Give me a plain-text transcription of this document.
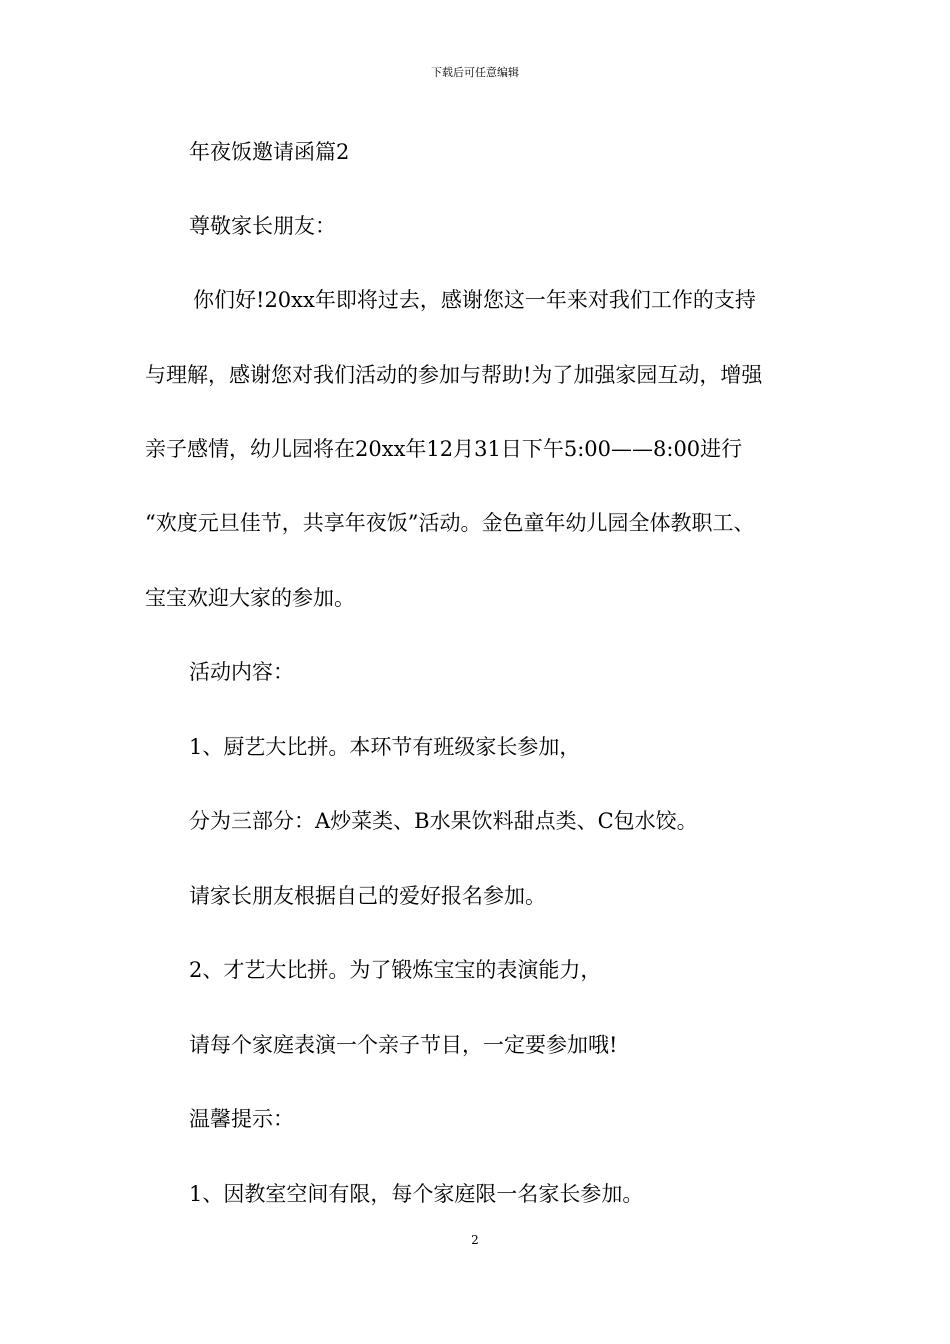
下载后可任意编辑
年夜饭邀请函篇2
尊敬家长朋友：
你们好!20xx年即将过去，感谢您这一年来对我们工作的支持
与理解，感谢您对我们活动的参加与帮助!为了加强家园互动，增强
亲子感情，幼儿园将在20xx年12月31日下午5:00——8:00进行
“欢度元旦佳节，共享年夜饭”活动。金色童年幼儿园全体教职工、
宝宝欢迎大家的参加。
活动内容：
1、厨艺大比拼。本环节有班级家长参加，
分为三部分：A炒菜类、B水果饮料甜点类、C包水饺。
请家长朋友根据自己的爱好报名参加。
2、才艺大比拼。为了锻炼宝宝的表演能力，
请每个家庭表演一个亲子节目，一定要参加哦!
温馨提示：
1、因教室空间有限，每个家庭限一名家长参加。
2
